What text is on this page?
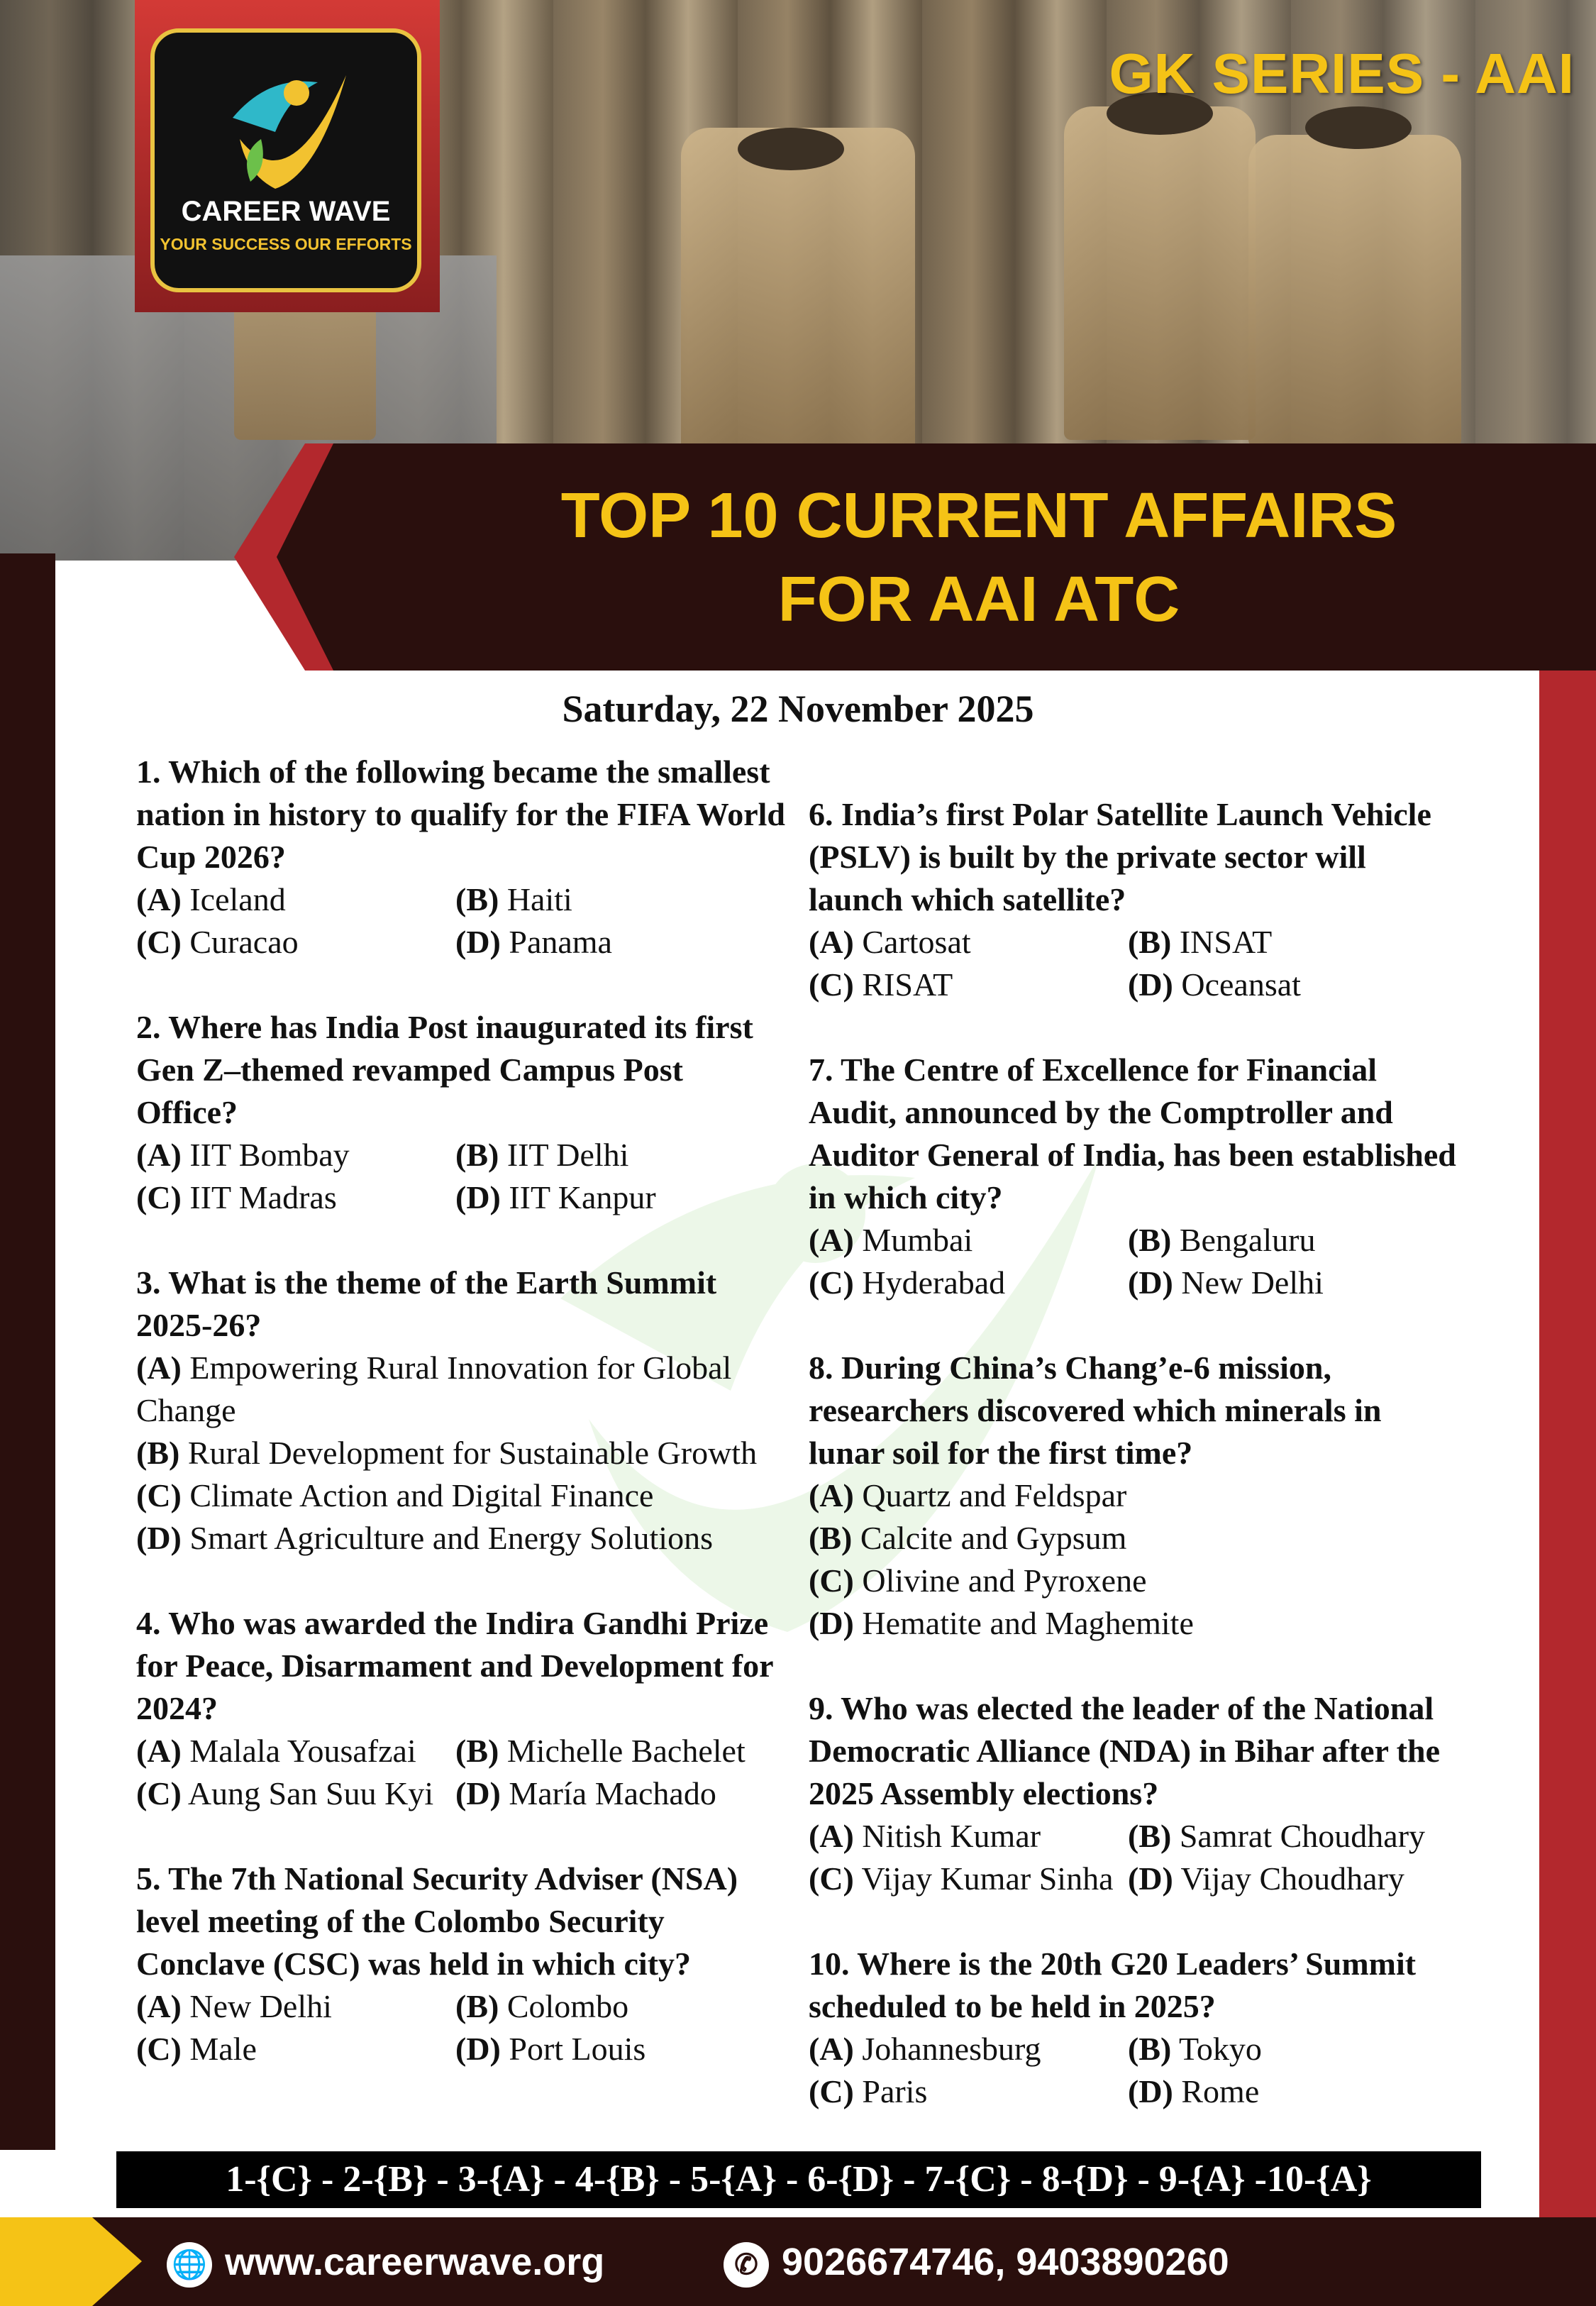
CAREER WAVE
YOUR SUCCESS OUR EFFORTS
GK SERIES - AAI
TOP 10 CURRENT AFFAIRS
FOR AAI ATC
Saturday, 22 November 2025
1. Which of the following became the smallest nation in history to qualify for the FIFA World Cup 2026?
(A) Iceland	(B) Haiti
(C) Curacao	(D) Panama
2. Where has India Post inaugurated its first Gen Z–themed revamped Campus Post Office?
(A) IIT Bombay	(B) IIT Delhi
(C) IIT Madras	(D) IIT Kanpur
3. What is the theme of the Earth Summit 2025-26?
(A) Empowering Rural Innovation for Global Change
(B) Rural Development for Sustainable Growth
(C) Climate Action and Digital Finance
(D) Smart Agriculture and Energy Solutions
4. Who was awarded the Indira Gandhi Prize for Peace, Disarmament and Development for 2024?
(A) Malala Yousafzai	(B) Michelle Bachelet
(C) Aung San Suu Kyi (D) María Machado
5. The 7th National Security Adviser (NSA) level meeting of the Colombo Security Conclave (CSC) was held in which city?
(A) New Delhi	(B) Colombo
(C) Male	(D) Port Louis
6. India’s first Polar Satellite Launch Vehicle (PSLV) is built by the private sector will launch which satellite?
(A) Cartosat	(B) INSAT
(C) RISAT	(D) Oceansat
7. The Centre of Excellence for Financial Audit, announced by the Comptroller and Auditor General of India, has been established in which city?
(A) Mumbai	(B) Bengaluru
(C) Hyderabad	(D) New Delhi
8. During China’s Chang’e-6 mission, researchers discovered which minerals in lunar soil for the first time?
(A) Quartz and Feldspar
(B) Calcite and Gypsum
(C) Olivine and Pyroxene
(D) Hematite and Maghemite
9. Who was elected the leader of the National Democratic Alliance (NDA) in Bihar after the 2025 Assembly elections?
(A) Nitish Kumar	(B) Samrat Choudhary
(C) Vijay Kumar Sinha (D) Vijay Choudhary
10. Where is the 20th G20 Leaders’ Summit scheduled to be held in 2025?
(A) Johannesburg	(B) Tokyo
(C) Paris	(D) Rome
1-{C} - 2-{B} - 3-{A} - 4-{B} - 5-{A} - 6-{D} - 7-{C} - 8-{D} - 9-{A} -10-{A}
🌐 www.careerwave.org	✆ 9026674746, 9403890260
